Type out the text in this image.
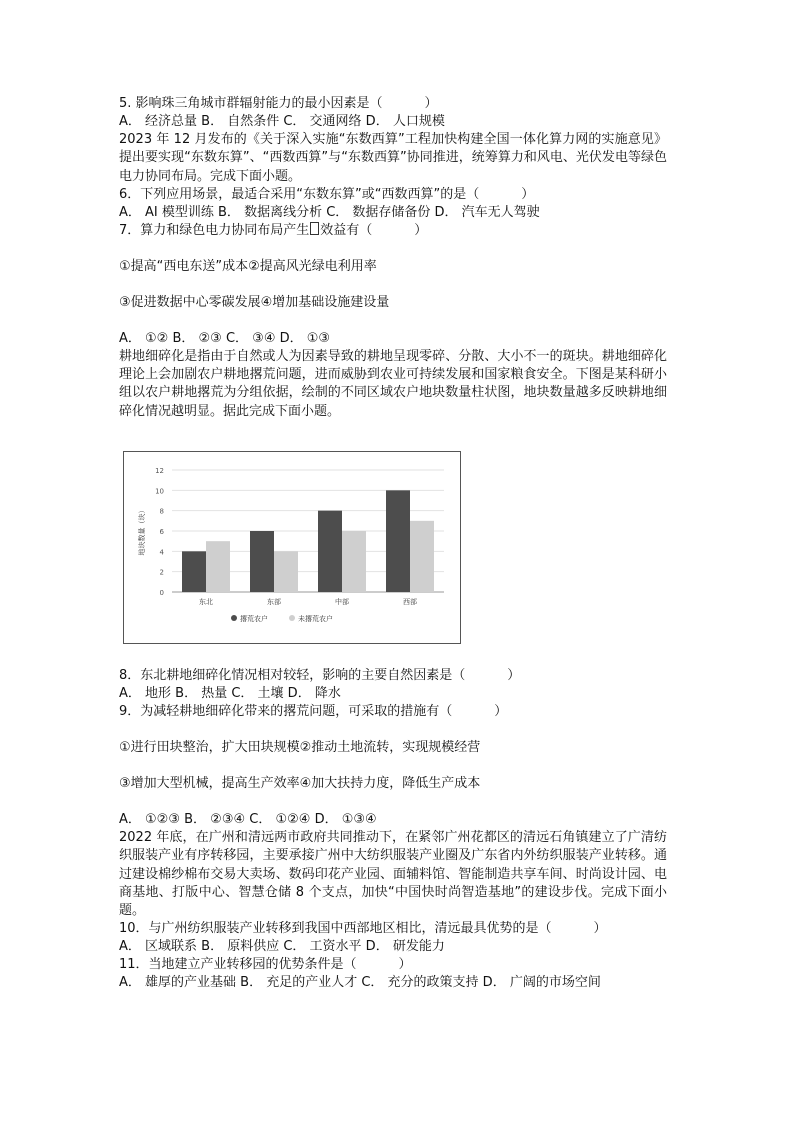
5. 影响珠三角城市群辐射能力的最小因素是（	）
A． 经济总量 B． 自然条件 C． 交通网络 D． 人口规模
2023 年 12 月发布的《关于深入实施“东数西算”工程加快构建全国一体化算力网的实施意见》提出要实现“东数东算”、“西数西算”与“东数西算”协同推进，统筹算力和风电、光伏发电等绿色电力协同布局。完成下面小题。
6．下列应用场景，最适合采用“东数东算”或“西数西算”的是（	）
A． AI 模型训练 B． 数据离线分析 C． 数据存储备份 D． 汽车无人驾驶
7．算力和绿色电力协同布局产生 效益有（	）
①提高“西电东送”成本②提高风光绿电利用率
③促进数据中心零碳发展④增加基础设施建设量
A． ①② B． ②③ C． ③④ D． ①③
耕地细碎化是指由于自然或人为因素导致的耕地呈现零碎、分散、大小不一的斑块。耕地细碎化理论上会加剧农户耕地撂荒问题，进而威胁到农业可持续发展和国家粮食安全。下图是某科研小组以农户耕地撂荒为分组依据，绘制的不同区域农户地块数量柱状图，地块数量越多反映耕地细碎化情况越明显。据此完成下面小题。
0
2
4
6
8
10
12
地块数量（块）
东北	东部	中部	西部
撂荒农户	未撂荒农户
8．东北耕地细碎化情况相对较轻，影响的主要自然因素是（	）
A． 地形 B． 热量 C． 土壤 D． 降水
9．为减轻耕地细碎化带来的撂荒问题，可采取的措施有（	）
①进行田块整治，扩大田块规模②推动土地流转，实现规模经营
③增加大型机械，提高生产效率④加大扶持力度，降低生产成本
A． ①②③ B． ②③④ C． ①②④ D． ①③④
2022 年底，在广州和清远两市政府共同推动下，在紧邻广州花都区的清远石角镇建立了广清纺织服装产业有序转移园，主要承接广州中大纺织服装产业圈及广东省内外纺织服装产业转移。通过建设棉纱棉布交易大卖场、数码印花产业园、面辅料馆、智能制造共享车间、时尚设计园、电商基地、打版中心、智慧仓储 8 个支点，加快“中国快时尚智造基地”的建设步伐。完成下面小题。
10．与广州纺织服装产业转移到我国中西部地区相比，清远最具优势的是（	）
A． 区域联系 B． 原料供应 C． 工资水平 D． 研发能力
11．当地建立产业转移园的优势条件是（	）
A． 雄厚的产业基础 B． 充足的产业人才 C． 充分的政策支持 D． 广阔的市场空间
